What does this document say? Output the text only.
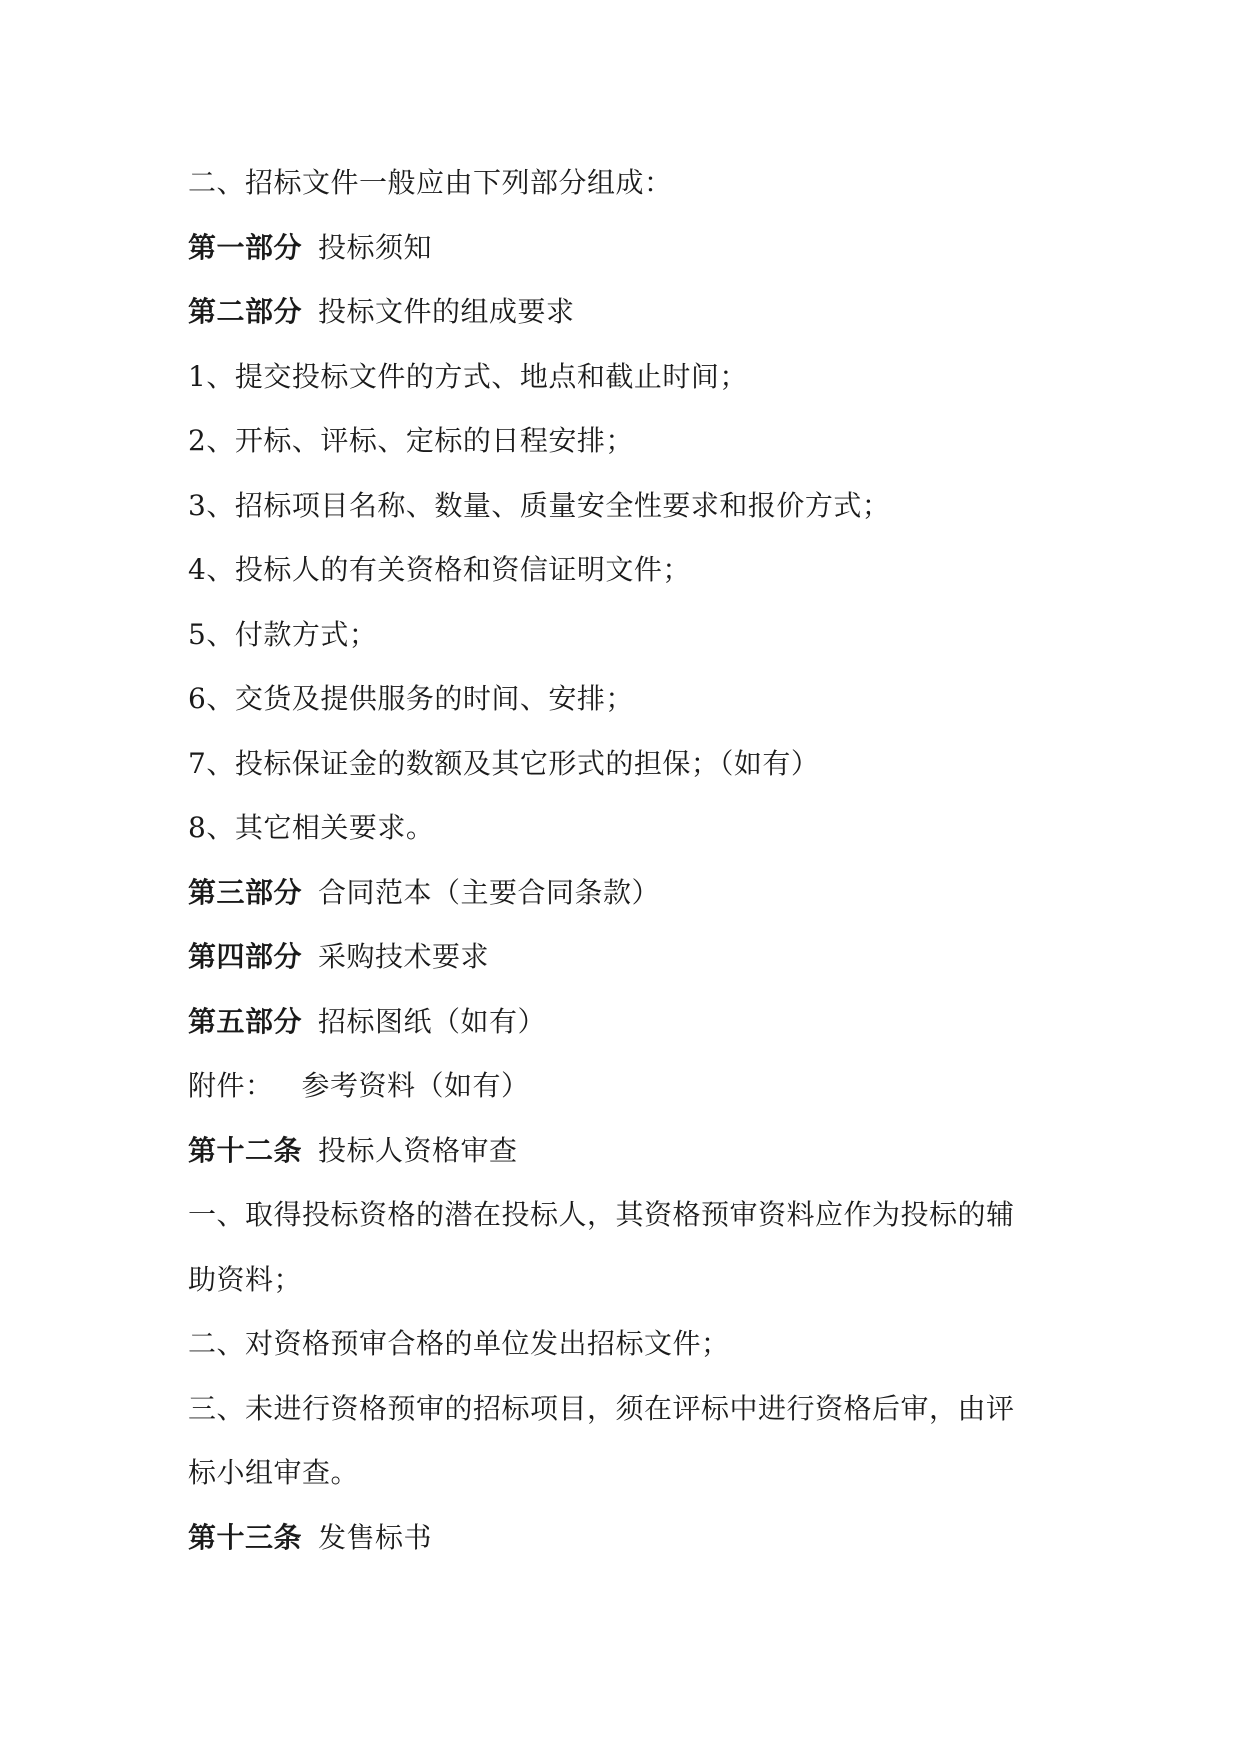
二、招标文件一般应由下列部分组成：
第一部分 投标须知
第二部分 投标文件的组成要求
1、提交投标文件的方式、地点和截止时间；
2、开标、评标、定标的日程安排；
3、招标项目名称、数量、质量安全性要求和报价方式；
4、投标人的有关资格和资信证明文件；
5、付款方式；
6、交货及提供服务的时间、安排；
7、投标保证金的数额及其它形式的担保；（如有）
8、其它相关要求。
第三部分 合同范本（主要合同条款）
第四部分 采购技术要求
第五部分 招标图纸（如有）
附件： 参考资料（如有）
第十二条 投标人资格审查
一、取得投标资格的潜在投标人，其资格预审资料应作为投标的辅
助资料；
二、对资格预审合格的单位发出招标文件；
三、未进行资格预审的招标项目，须在评标中进行资格后审，由评
标小组审查。
第十三条 发售标书
